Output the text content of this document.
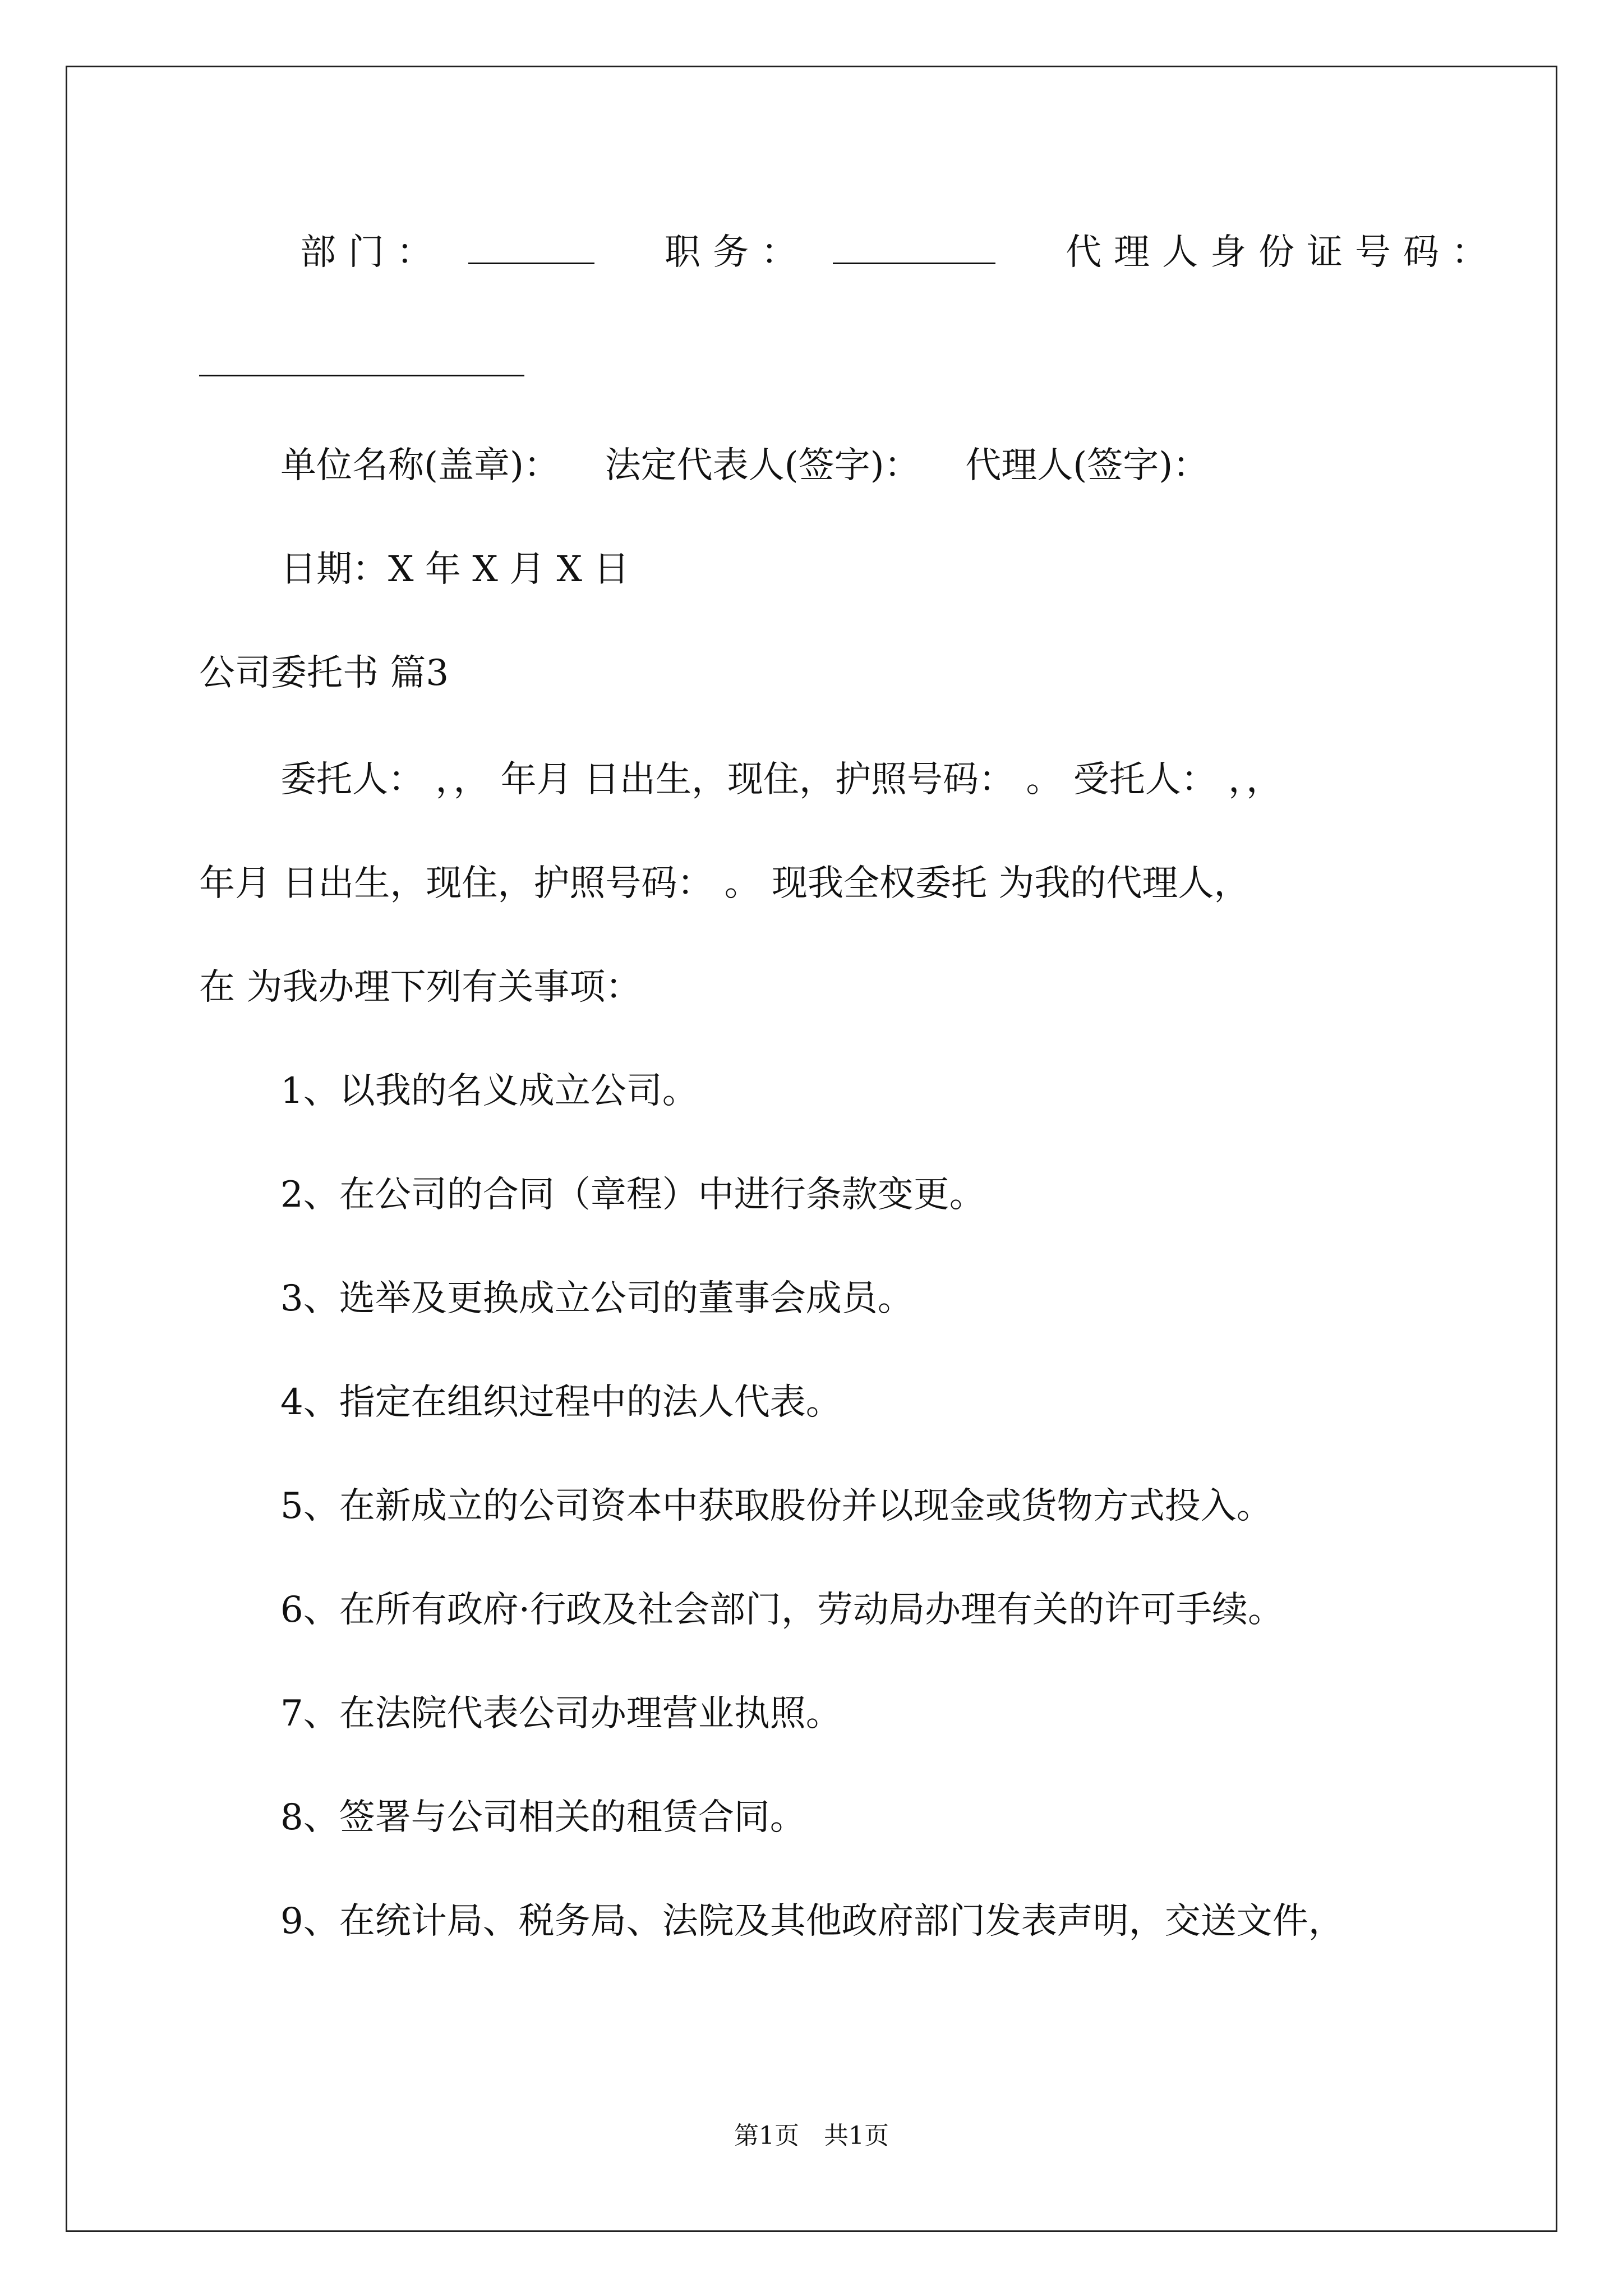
部门：	职务：	代理人身份证号码：
单位名称(盖章)： 法定代表人(签字)： 代理人(签字)：
日期：X 年 X 月 X 日
公司委托书 篇3
委托人： ，， 年月 日出生，现住，护照号码： 。 受托人： ，，
年月 日出生，现住，护照号码： 。 现我全权委托 为我的代理人，
在 为我办理下列有关事项：
1、以我的名义成立公司。
2、在公司的合同（章程）中进行条款变更。
3、选举及更换成立公司的董事会成员。
4、指定在组织过程中的法人代表。
5、在新成立的公司资本中获取股份并以现金或货物方式投入。
6、在所有政府·行政及社会部门，劳动局办理有关的许可手续。
7、在法院代表公司办理营业执照。
8、签署与公司相关的租赁合同。
9、在统计局、税务局、法院及其他政府部门发表声明，交送文件，
第1页　共1页
